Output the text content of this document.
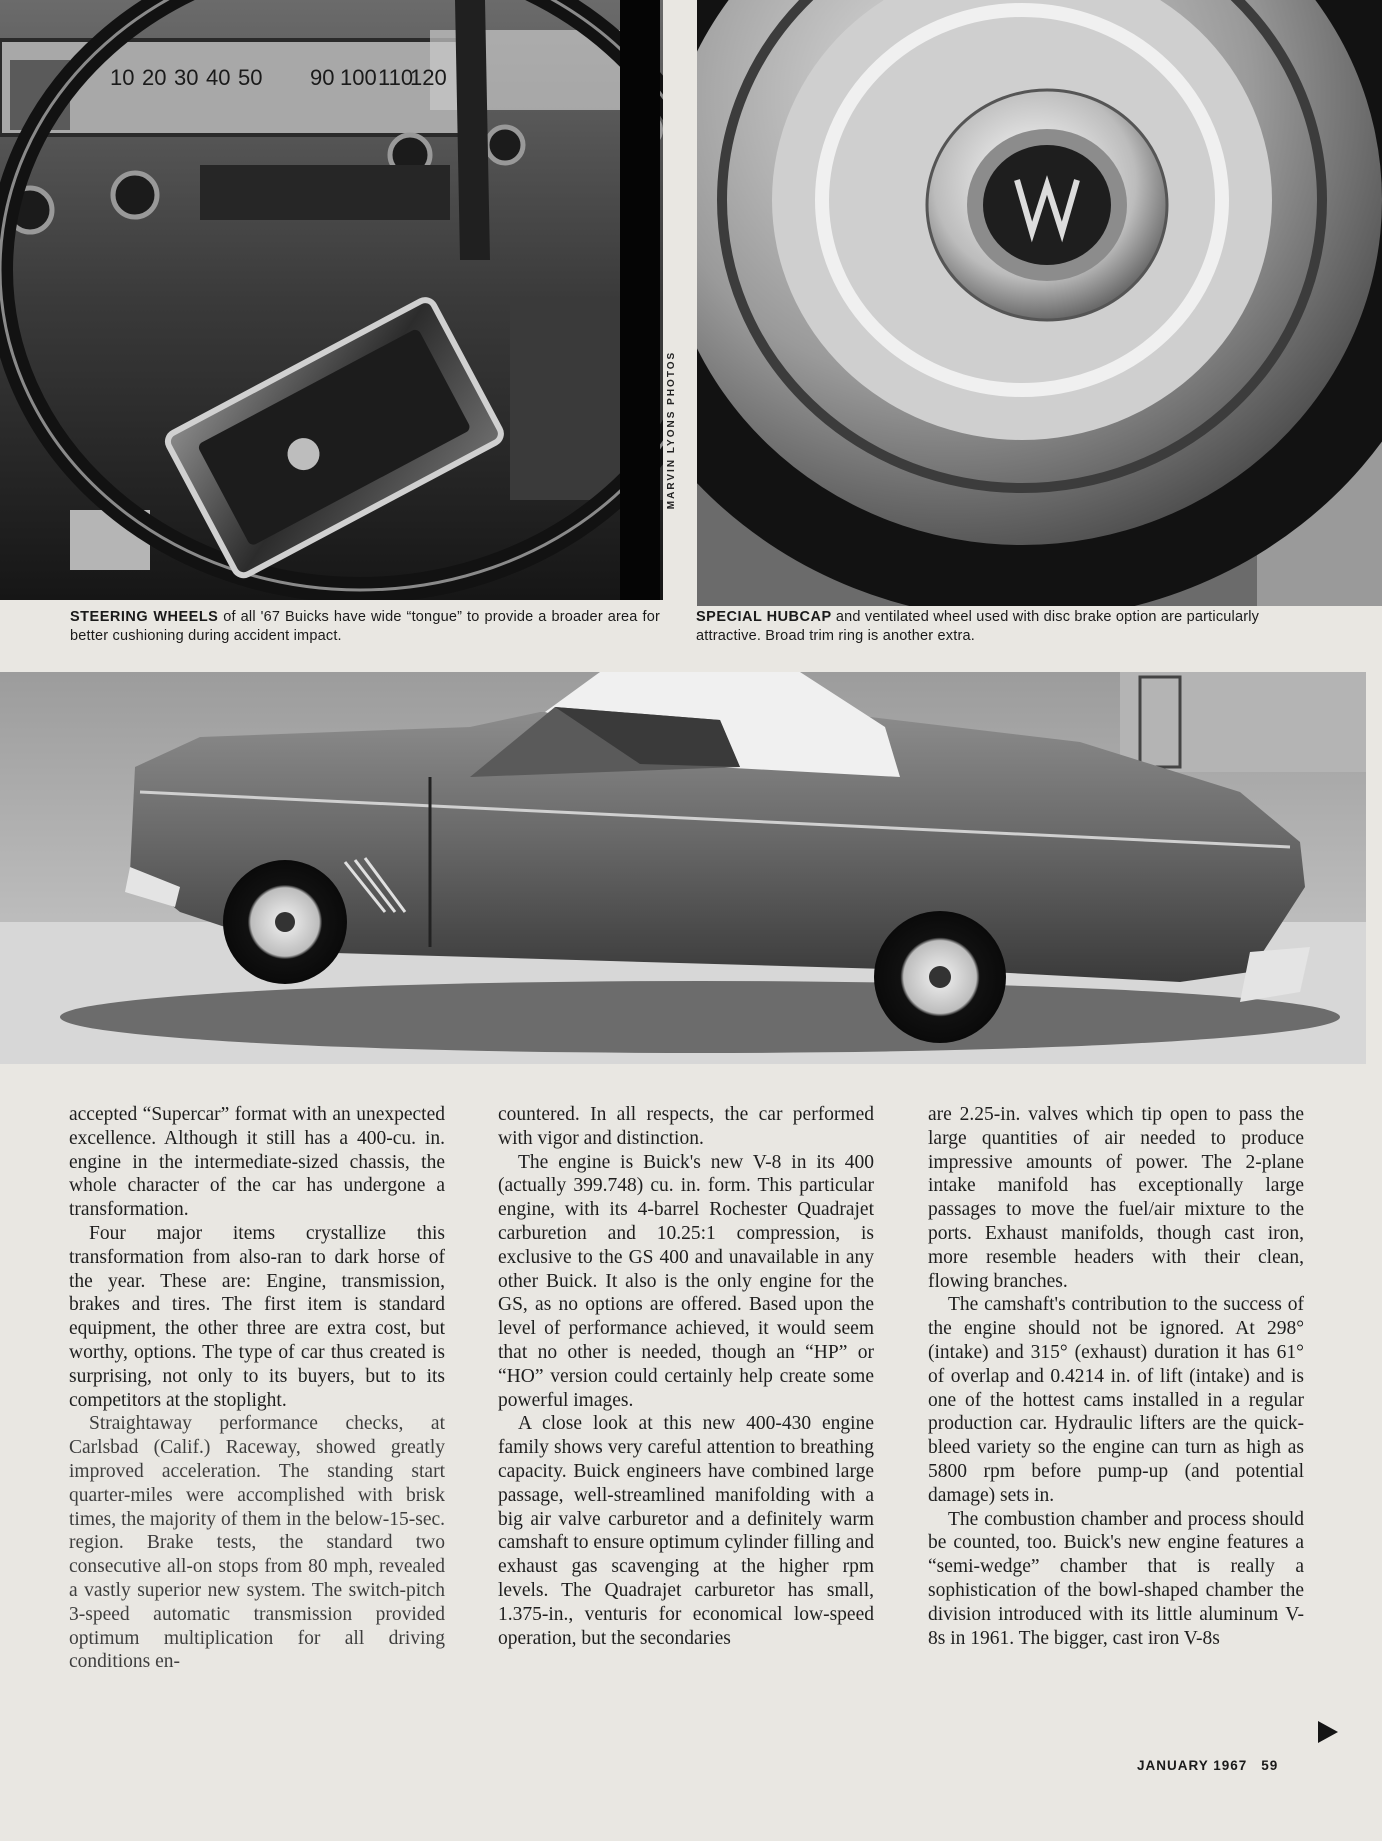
10 20 30 40 50 90 100 110
120
MARVIN LYONS PHOTOS
STEERING WHEELS of all '67 Buicks have wide “tongue” to provide a broader area for better cushioning during accident impact.
SPECIAL HUBCAP and ventilated wheel used with disc brake option are particularly attractive. Broad trim ring is another extra.

accepted “Supercar” format with an unexpected excellence. Although it still has a 400-cu. in. engine in the intermediate-sized chassis, the whole character of the car has undergone a transformation.

Four major items crystallize this transformation from also-ran to dark horse of the year. These are: Engine, transmission, brakes and tires. The first item is standard equipment, the other three are extra cost, but worthy, options. The type of car thus created is surprising, not only to its buyers, but to its competitors at the stoplight.

Straightaway performance checks, at Carlsbad (Calif.) Raceway, showed greatly improved acceleration. The standing start quarter-miles were accomplished with brisk times, the majority of them in the below-15-sec. region. Brake tests, the standard two consecutive all-on stops from 80 mph, revealed a vastly superior new system. The switch-pitch 3-speed automatic transmission provided optimum multiplication for all driving conditions en-

countered. In all respects, the car performed with vigor and distinction.

The engine is Buick's new V-8 in its 400 (actually 399.748) cu. in. form. This particular engine, with its 4-barrel Rochester Quadrajet carburetion and 10.25:1 compression, is exclusive to the GS 400 and unavailable in any other Buick. It also is the only engine for the GS, as no options are offered. Based upon the level of performance achieved, it would seem that no other is needed, though an “HP” or “HO” version could certainly help create some powerful images.

A close look at this new 400-430 engine family shows very careful attention to breathing capacity. Buick engineers have combined large passage, well-streamlined manifolding with a big air valve carburetor and a definitely warm camshaft to ensure optimum cylinder filling and exhaust gas scavenging at the higher rpm levels. The Quadrajet carburetor has small, 1.375-in., venturis for economical low-speed operation, but the secondaries

are 2.25-in. valves which tip open to pass the large quantities of air needed to produce impressive amounts of power. The 2-plane intake manifold has exceptionally large passages to move the fuel/air mixture to the ports. Exhaust manifolds, though cast iron, more resemble headers with their clean, flowing branches.

The camshaft's contribution to the success of the engine should not be ignored. At 298° (intake) and 315° (exhaust) duration it has 61° of overlap and 0.4214 in. of lift (intake) and is one of the hottest cams installed in a regular production car. Hydraulic lifters are the quick-bleed variety so the engine can turn as high as 5800 rpm before pump-up (and potential damage) sets in.

The combustion chamber and process should be counted, too. Buick's new engine features a “semi-wedge” chamber that is really a sophistication of the bowl-shaped chamber the division introduced with its little aluminum V-8s in 1961. The bigger, cast iron V-8s

JANUARY 1967 59
